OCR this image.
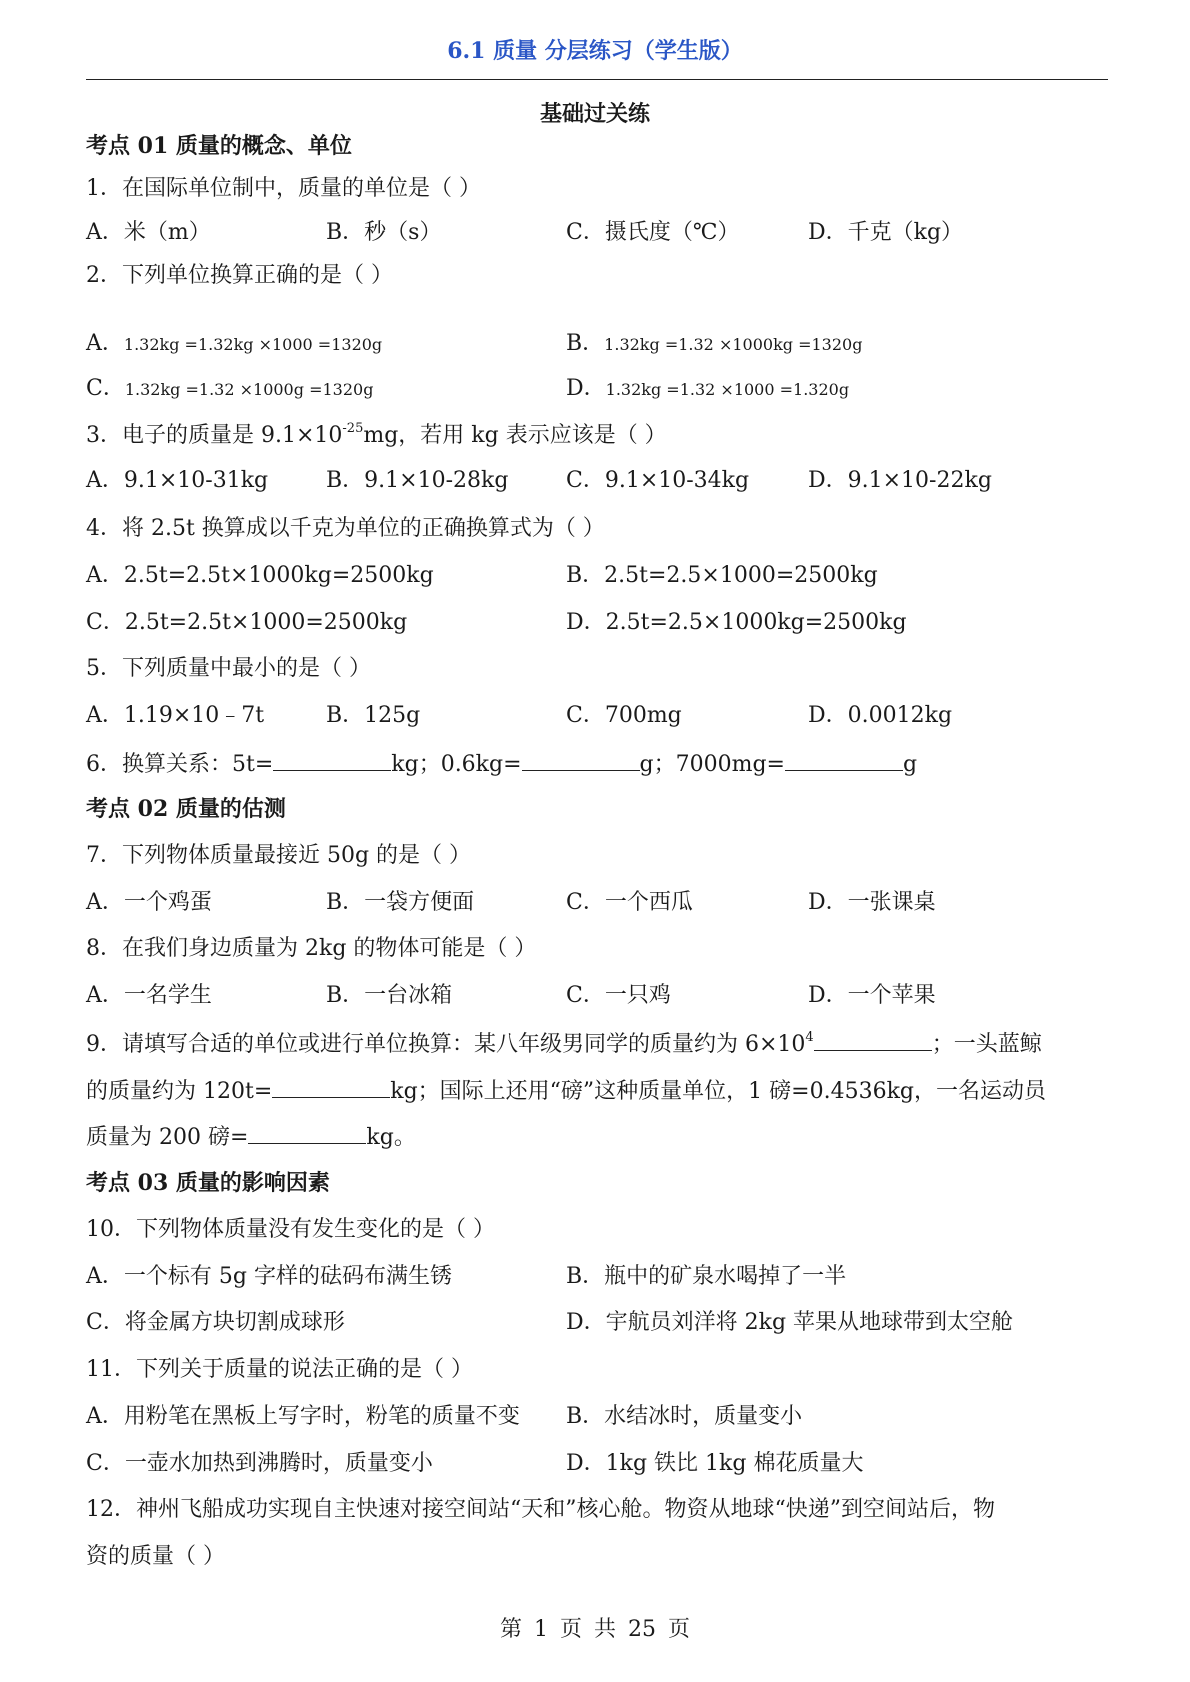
6.1 质量 分层练习（学生版）
基础过关练
考点 01 质量的概念、单位
1．在国际单位制中，质量的单位是（ ）
A．米（m）	B．秒（s）	C．摄氏度（℃）	D．千克（kg）
2．下列单位换算正确的是（ ）
A．1.32kg =1.32kg ×1000 =1320g	B．1.32kg =1.32 ×1000kg =1320g
C．1.32kg =1.32 ×1000g =1320g	D．1.32kg =1.32 ×1000 =1.320g
3．电子的质量是 $9.1\times 10^{-25}mg$，若用 kg 表示应该是（ ）
A．9.1×10-31kg	B．9.1×10-28kg	C．9.1×10-34kg	D．9.1×10-22kg
4．将 2.5t 换算成以千克为单位的正确换算式为（ ）
A．2.5t=2.5t×1000kg=2500kg	B．2.5t=2.5×1000=2500kg
C．2.5t=2.5t×1000=2500kg	D．2.5t=2.5×1000kg=2500kg
5．下列质量中最小的是（ ）
A．1.19×10﹣7t	B．125g	C．700mg	D．0.0012kg
6．换算关系：5t=	kg；0.6kg=	g；7000mg=	g
考点 02 质量的估测
7．下列物体质量最接近 50g 的是（ ）
A．一个鸡蛋	B．一袋方便面	C．一个西瓜	D．一张课桌
8．在我们身边质量为 2kg 的物体可能是（ ）
A．一名学生	B．一台冰箱	C．一只鸡	D．一个苹果
9．请填写合适的单位或进行单位换算：某八年级男同学的质量约为 $6\times 10^4$	；一头蓝鲸
的质量约为 120t=	kg；国际上还用“磅”这种质量单位，1 磅=0.4536kg，一名运动员
质量为 200 磅=	kg。
考点 03 质量的影响因素
10．下列物体质量没有发生变化的是（ ）
A．一个标有 5g 字样的砝码布满生锈	B．瓶中的矿泉水喝掉了一半
C．将金属方块切割成球形	D．宇航员刘洋将 2kg 苹果从地球带到太空舱
11．下列关于质量的说法正确的是（ ）
A．用粉笔在黑板上写字时，粉笔的质量不变 B．水结冰时，质量变小
C．一壶水加热到沸腾时，质量变小	D．1kg 铁比 1kg 棉花质量大
12．神州飞船成功实现自主快速对接空间站“天和”核心舱。物资从地球“快递”到空间站后，物
资的质量（ ）
第 1 页 共 25 页
